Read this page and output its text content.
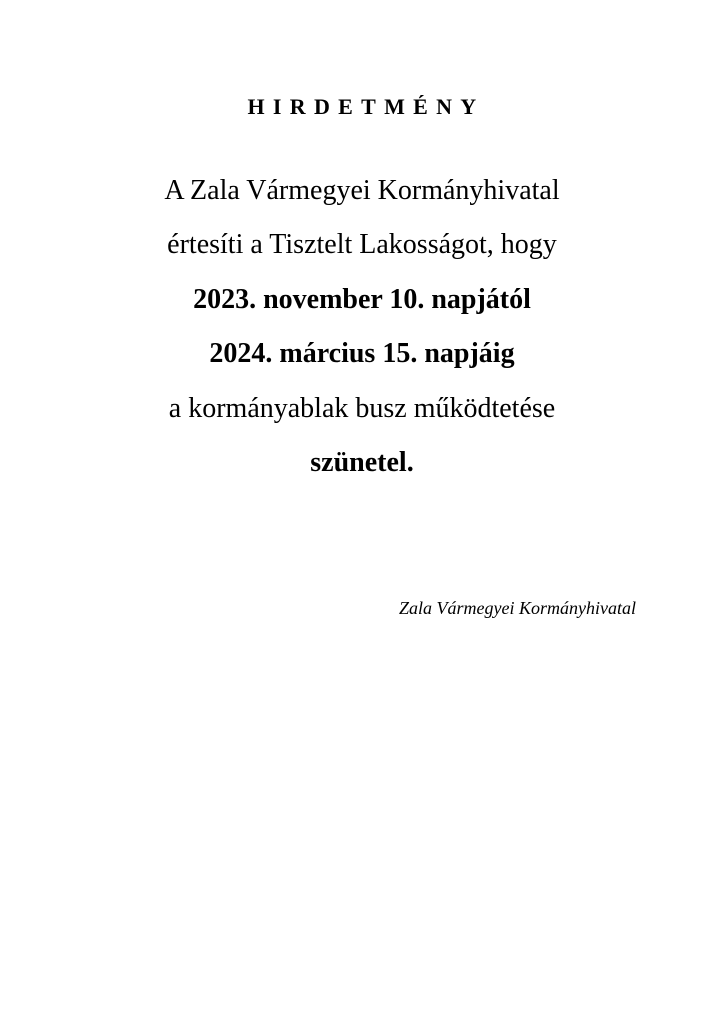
HIRDETMÉNY
A Zala Vármegyei Kormányhivatal
értesíti a Tisztelt Lakosságot, hogy
2023. november 10. napjától
2024. március 15. napjáig
a kormányablak busz működtetése
szünetel.
Zala Vármegyei Kormányhivatal
